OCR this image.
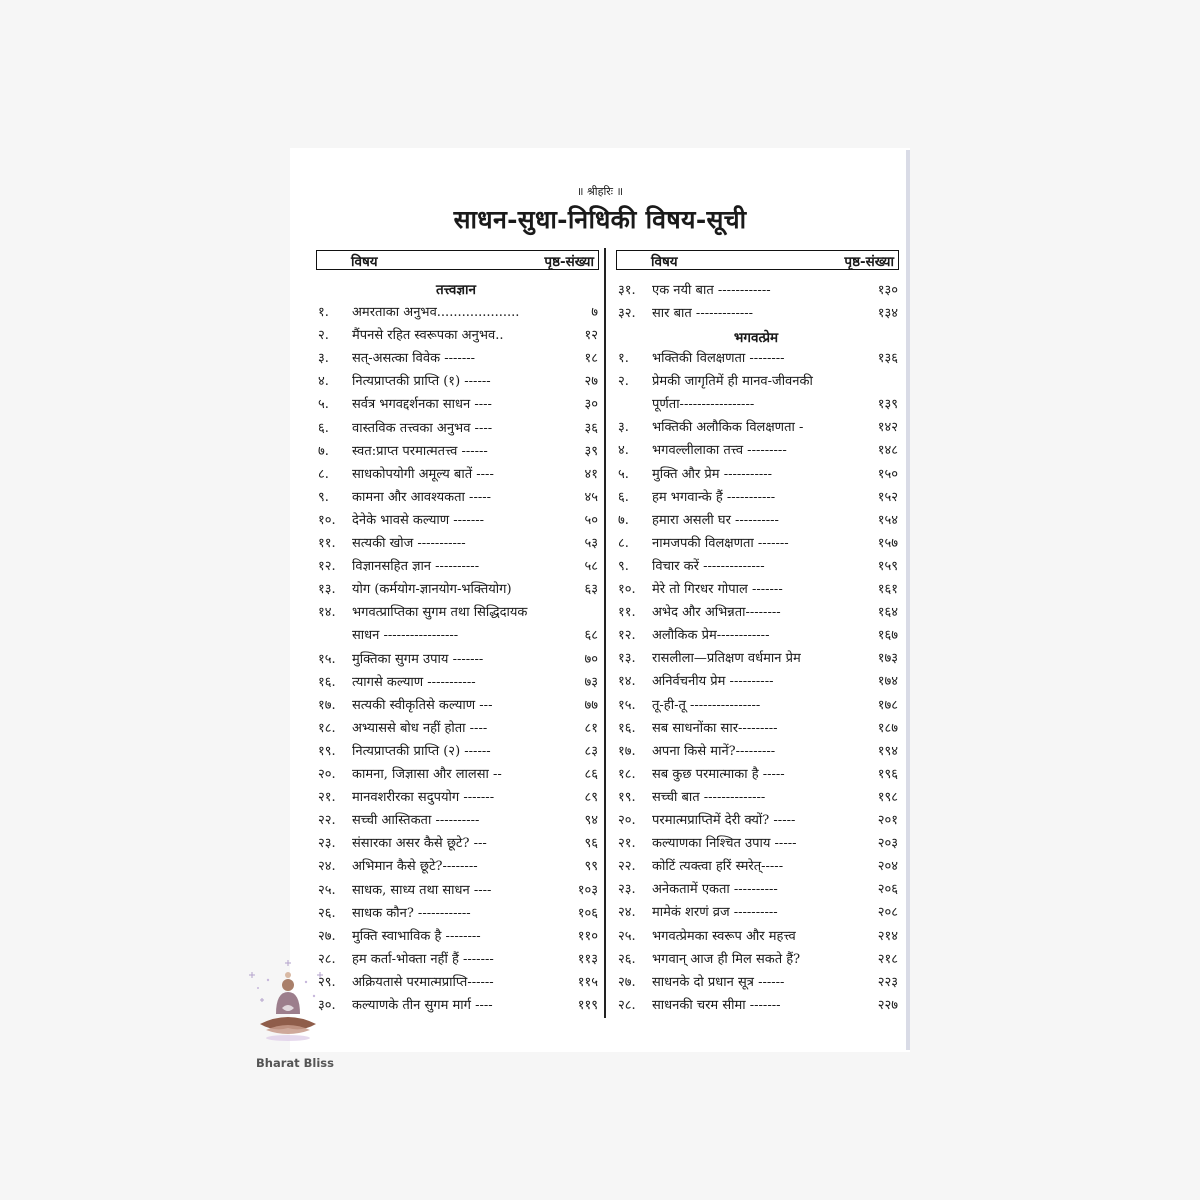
॥ श्रीहरिः ॥
साधन-सुधा-निधिकी विषय-सूची
विषय	पृष्ठ-संख्या	विषय	पृष्ठ-संख्या
तत्त्वज्ञान
१.	अमरताका अनुभव....................	७
२.	मैंपनसे रहित स्वरूपका अनुभव..	१२
३.	सत्-असत्का विवेक -------	१८
४.	नित्यप्राप्तकी प्राप्ति (१) ------	२७
५.	सर्वत्र भगवद्दर्शनका साधन ----	३०
६.	वास्तविक तत्त्वका अनुभव ----	३६
७.	स्वत:प्राप्त परमात्मतत्त्व ------	३९
८.	साधकोपयोगी अमूल्य बातें ----	४१
९.	कामना और आवश्यकता -----	४५
१०.	देनेके भावसे कल्याण -------	५०
११.	सत्यकी खोज -----------	५३
१२.	विज्ञानसहित ज्ञान ----------	५८
१३.	योग (कर्मयोग-ज्ञानयोग-भक्तियोग)	६३
१४.	भगवत्प्राप्तिका सुगम तथा सिद्धिदायक
साधन -----------------	६८
१५.	मुक्तिका सुगम उपाय -------	७०
१६.	त्यागसे कल्याण -----------	७३
१७.	सत्यकी स्वीकृतिसे कल्याण ---	७७
१८.	अभ्याससे बोध नहीं होता ----	८१
१९.	नित्यप्राप्तकी प्राप्ति (२) ------	८३
२०.	कामना, जिज्ञासा और लालसा --	८६
२१.	मानवशरीरका सदुपयोग -------	८९
२२.	सच्ची आस्तिकता ----------	९४
२३.	संसारका असर कैसे छूटे? ---	९६
२४.	अभिमान कैसे छूटे?--------	९९
२५.	साधक, साध्य तथा साधन ----	१०३
२६.	साधक कौन? ------------	१०६
२७.	मुक्ति स्वाभाविक है --------	११०
२८.	हम कर्ता-भोक्ता नहीं हैं -------	११३
२९.	अक्रियतासे परमात्मप्राप्ति------	११५
३०.	कल्याणके तीन सुगम मार्ग ----	११९
३१.	एक नयी बात ------------	१३०
३२.	सार बात -------------	१३४
भगवत्प्रेम
१.	भक्तिकी विलक्षणता --------	१३६
२.	प्रेमकी जागृतिमें ही मानव-जीवनकी
पूर्णता-----------------	१३९
३.	भक्तिकी अलौकिक विलक्षणता -	१४२
४.	भगवल्लीलाका तत्त्व ---------	१४८
५.	मुक्ति और प्रेम -----------	१५०
६.	हम भगवान्के हैं -----------	१५२
७.	हमारा असली घर ----------	१५४
८.	नामजपकी विलक्षणता -------	१५७
९.	विचार करें --------------	१५९
१०.	मेरे तो गिरधर गोपाल -------	१६१
११.	अभेद और अभिन्नता--------	१६४
१२.	अलौकिक प्रेम------------	१६७
१३.	रासलीला—प्रतिक्षण वर्धमान प्रेम	१७३
१४.	अनिर्वचनीय प्रेम ----------	१७४
१५.	तू-ही-तू ----------------	१७८
१६.	सब साधनोंका सार---------	१८७
१७.	अपना किसे मानें?---------	१९४
१८.	सब कुछ परमात्माका है -----	१९६
१९.	सच्ची बात --------------	१९८
२०.	परमात्मप्राप्तिमें देरी क्यों? -----	२०१
२१.	कल्याणका निश्चित उपाय -----	२०३
२२.	कोटिं त्यक्त्वा हरिं स्मरेत्-----	२०४
२३.	अनेकतामें एकता ----------	२०६
२४.	मामेकं शरणं व्रज ----------	२०८
२५.	भगवत्प्रेमका स्वरूप और महत्त्व	२१४
२६.	भगवान् आज ही मिल सकते हैं?	२१८
२७.	साधनके दो प्रधान सूत्र ------	२२३
२८.	साधनकी चरम सीमा -------	२२७
Bharat Bliss
